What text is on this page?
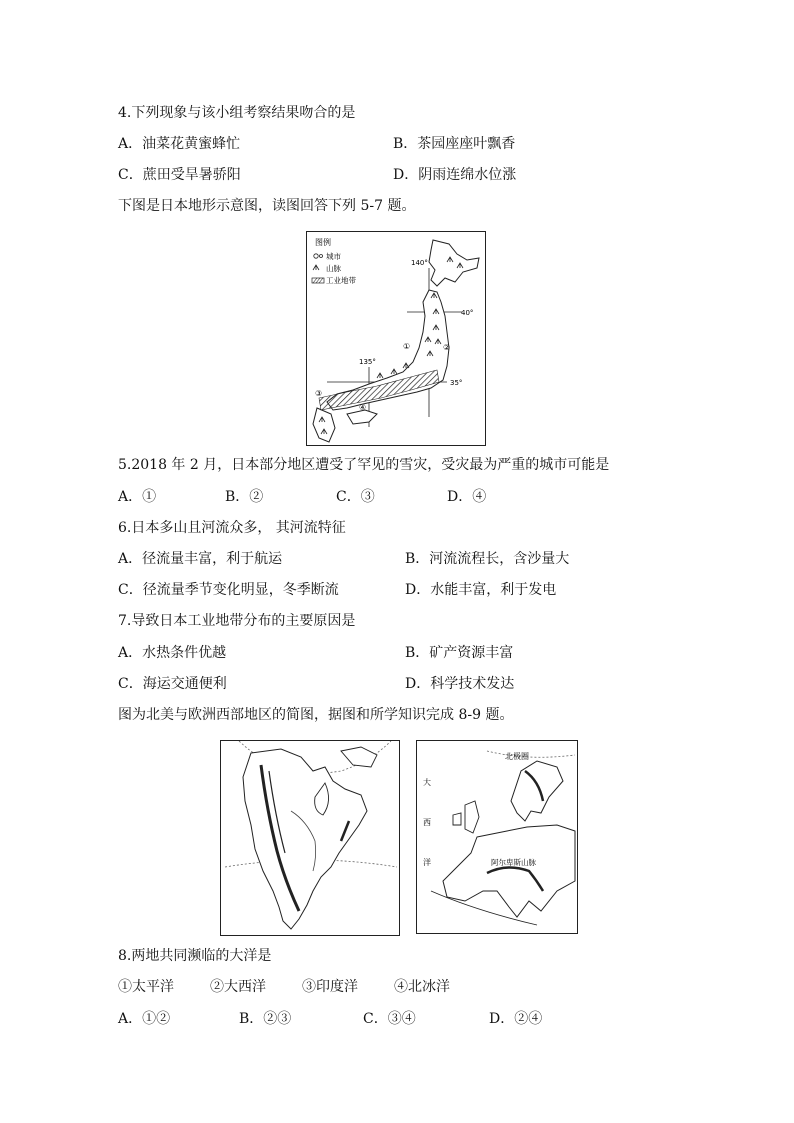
4.下列现象与该小组考察结果吻合的是
A．油菜花黄蜜蜂忙	B．茶园座座叶飘香
C．蔗田受旱暑骄阳	D．阴雨连绵水位涨
下图是日本地形示意图，读图回答下列 5-7 题。
图例
城市
山脉
工业地带
140°
40°
135°
35°
①	②
③
④
5.2018 年 2 月，日本部分地区遭受了罕见的雪灾，受灾最为严重的城市可能是
A．①	B．②	C．③	D．④
6.日本多山且河流众多， 其河流特征
A．径流量丰富，利于航运	B．河流流程长，含沙量大
C．径流量季节变化明显，冬季断流	D．水能丰富，利于发电
7.导致日本工业地带分布的主要原因是
A．水热条件优越	B．矿产资源丰富
C．海运交通便利	D．科学技术发达
图为北美与欧洲西部地区的简图，据图和所学知识完成 8-9 题。
北极圈
大
西
洋	阿尔卑斯山脉
8.两地共同濒临的大洋是
①太平洋	②大西洋	③印度洋	④北冰洋
A．①②	B．②③	C．③④	D．②④
